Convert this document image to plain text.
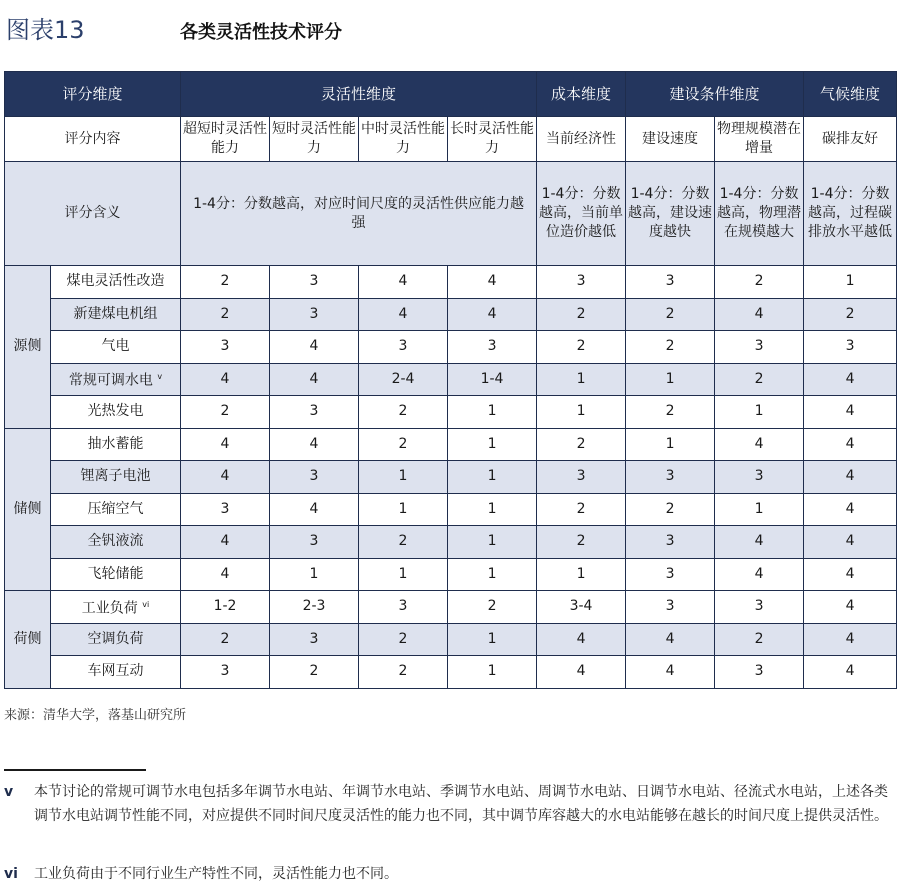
图表13	各类灵活性技术评分
评分维度		灵活性维度				成本维度	建设条件维度		气候维度
评分内容		超短时灵活性能力	短时灵活性能力	中时灵活性能力	长时灵活性能力	当前经济性	建设速度	物理规模潜在增量	碳排友好
评分含义		1-4分：分数越高，对应时间尺度的灵活性供应能力越强				1-4分：分数越高，当前单位造价越低	1-4分：分数越高，建设速度越快	1-4分：分数越高，物理潜在规模越大	1-4分：分数越高，过程碳排放水平越低
源侧	煤电灵活性改造	2	3	4	4	3	3	2	1
	新建煤电机组	2	3	4	4	2	2	4	2
	气电	3	4	3	3	2	2	3	3
	常规可调水电 $^v$	4	4	2-4	1-4	1	1	2	4
	光热发电	2	3	2	1	1	2	1	4
储侧	抽水蓄能	4	4	2	1	2	1	4	4
	锂离子电池	4	3	1	1	3	3	3	4
	压缩空气	3	4	1	1	2	2	1	4
	全钒液流	4	3	2	1	2	3	4	4
	飞轮储能	4	1	1	1	1	3	4	4
荷侧	工业负荷 $^{vi}$	1-2	2-3	3	2	3-4	3	3	4
	空调负荷	2	3	2	1	4	4	2	4
	车网互动	3	2	2	1	4	4	3	4
来源：清华大学，落基山研究所
v 本节讨论的常规可调节水电包括多年调节水电站、年调节水电站、季调节水电站、周调节水电站、日调节水电站、径流式水电站，上述各类调节水电站调节性能不同，对应提供不同时间尺度灵活性的能力也不同，其中调节库容越大的水电站能够在越长的时间尺度上提供灵活性。
vi 工业负荷由于不同行业生产特性不同，灵活性能力也不同。
